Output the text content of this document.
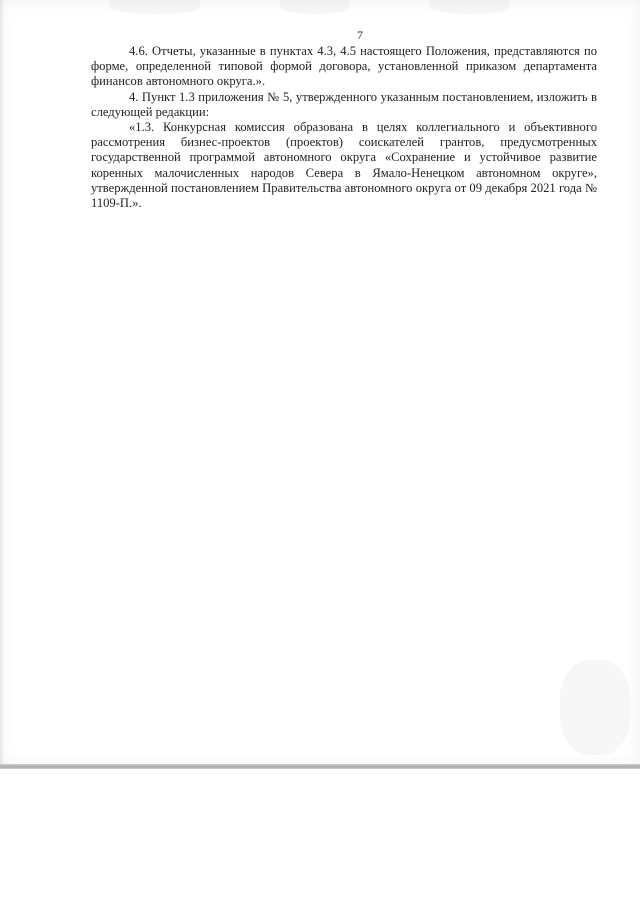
7

4.6. Отчеты, указанные в пунктах 4.3, 4.5 настоящего Положения, представляются по форме, определенной типовой формой договора, установленной приказом департамента финансов автономного округа.».

4. Пункт 1.3 приложения № 5, утвержденного указанным постановлением, изложить в следующей редакции:

«1.3. Конкурсная комиссия образована в целях коллегиального и объективного рассмотрения бизнес-проектов (проектов) соискателей грантов, предусмотренных государственной программой автономного округа «Сохранение и устойчивое развитие коренных малочисленных народов Севера в Ямало-Ненецком автономном округе», утвержденной постановлением Правительства автономного округа от 09 декабря 2021 года № 1109-П.».
